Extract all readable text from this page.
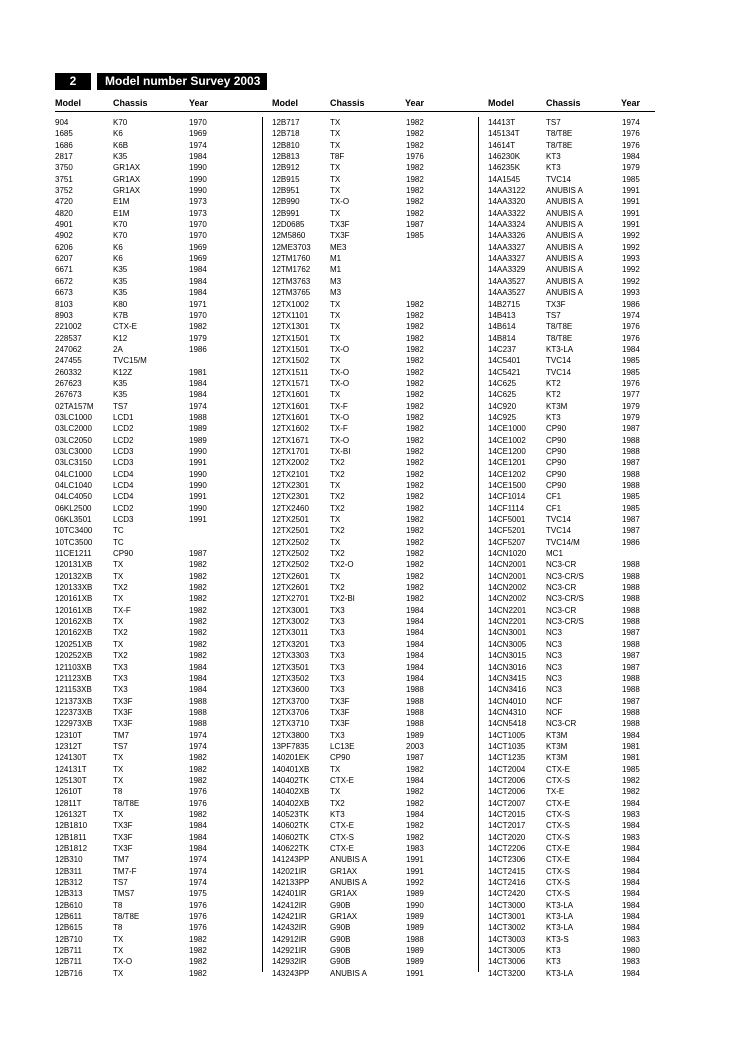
2	Model number Survey 2003
Model	Chassis	Year	Model	Chassis	Year	Model	Chassis	Year
904	K70	1970
1685	K6	1969
1686	K6B	1974
2817	K35	1984
3750	GR1AX	1990
3751	GR1AX	1990
3752	GR1AX	1990
4720	E1M	1973
4820	E1M	1973
4901	K70	1970
4902	K70	1970
6206	K6	1969
6207	K6	1969
6671	K35	1984
6672	K35	1984
6673	K35	1984
8103	K80	1971
8903	K7B	1970
221002	CTX-E	1982
228537	K12	1979
247062	2A	1986
247455	TVC15/M
260332	K12Z	1981
267623	K35	1984
267673	K35	1984
02TA157M TS7	1974
03LC1000	LCD1	1988
03LC2000	LCD2	1989
03LC2050	LCD2	1989
03LC3000	LCD3	1990
03LC3150	LCD3	1991
04LC1000	LCD4	1990
04LC1040	LCD4	1990
04LC4050	LCD4	1991
06KL2500	LCD2	1990
06KL3501	LCD3	1991
10TC3400	TC
10TC3500	TC
11CE1211	CP90	1987
120131XB	TX	1982
120132XB	TX	1982
120133XB	TX2	1982
120161XB	TX	1982
120161XB	TX-F	1982
120162XB	TX	1982
120162XB	TX2	1982
120251XB	TX	1982
120252XB	TX2	1982
121103XB	TX3	1984
121123XB	TX3	1984
121153XB	TX3	1984
121373XB	TX3F	1988
122373XB	TX3F	1988
122973XB	TX3F	1988
12310T	TM7	1974
12312T	TS7	1974
124130T	TX	1982
124131T	TX	1982
125130T	TX	1982
12610T	T8	1976
12811T	T8/T8E	1976
126132T	TX	1982
12B1810	TX3F	1984
12B1811	TX3F	1984
12B1812	TX3F	1984
12B310	TM7	1974
12B311	TM7-F	1974
12B312	TS7	1974
12B313	TMS7	1975
12B610	T8	1976
12B611	T8/T8E	1976
12B615	T8	1976
12B710	TX	1982
12B711	TX	1982
12B711	TX-O	1982
12B716	TX	1982
12B717	TX	1982
12B718	TX	1982
12B810	TX	1982
12B813	T8F	1976
12B912	TX	1982
12B915	TX	1982
12B951	TX	1982
12B990	TX-O	1982
12B991	TX	1982
12D0685	TX3F	1987
12M5860	TX3F	1985
12ME3703 ME3
12TM1760 M1
12TM1762 M1
12TM3763 M3
12TM3765 M3
12TX1002	TX	1982
12TX1101	TX	1982
12TX1301	TX	1982
12TX1501	TX	1982
12TX1501	TX-O	1982
12TX1502	TX	1982
12TX1511	TX-O	1982
12TX1571	TX-O	1982
12TX1601	TX	1982
12TX1601	TX-F	1982
12TX1601	TX-O	1982
12TX1602	TX-F	1982
12TX1671	TX-O	1982
12TX1701	TX-BI	1982
12TX2002	TX2	1982
12TX2101	TX2	1982
12TX2301	TX	1982
12TX2301	TX2	1982
12TX2460	TX2	1982
12TX2501	TX	1982
12TX2501	TX2	1982
12TX2502	TX	1982
12TX2502	TX2	1982
12TX2502	TX2-O	1982
12TX2601	TX	1982
12TX2601	TX2	1982
12TX2701	TX2-BI	1982
12TX3001	TX3	1984
12TX3002	TX3	1984
12TX3011	TX3	1984
12TX3201	TX3	1984
12TX3303	TX3	1984
12TX3501	TX3	1984
12TX3502	TX3	1984
12TX3600	TX3	1988
12TX3700	TX3F	1988
12TX3706	TX3F	1988
12TX3710	TX3F	1988
12TX3800	TX3	1989
13PF7835	LC13E	2003
140201EK	CP90	1987
140401XB	TX	1982
140402TK	CTX-E	1984
140402XB	TX	1982
140402XB	TX2	1982
140523TK	KT3	1984
140602TK	CTX-E	1982
140602TK	CTX-S	1982
140622TK	CTX-E	1983
141243PP	ANUBIS A	1991
142021IR	GR1AX	1991
142133PP	ANUBIS A	1992
142401IR	GR1AX	1989
142412IR	G90B	1990
142421IR	GR1AX	1989
142432IR	G90B	1989
142912IR	G90B	1988
142921IR	G90B	1989
142932IR	G90B	1989
143243PP	ANUBIS A	1991
14413T	TS7	1974
145134T	T8/T8E	1976
14614T	T8/T8E	1976
146230K	KT3	1984
146235K	KT3	1979
14A1545	TVC14	1985
14AA3122	ANUBIS A	1991
14AA3320	ANUBIS A	1991
14AA3322	ANUBIS A	1991
14AA3324	ANUBIS A	1991
14AA3326	ANUBIS A	1992
14AA3327	ANUBIS A	1992
14AA3327	ANUBIS A	1993
14AA3329	ANUBIS A	1992
14AA3527	ANUBIS A	1992
14AA3527	ANUBIS A	1993
14B2715	TX3F	1986
14B413	TS7	1974
14B614	T8/T8E	1976
14B814	T8/T8E	1976
14C237	KT3-LA	1984
14C5401	TVC14	1985
14C5421	TVC14	1985
14C625	KT2	1976
14C625	KT2	1977
14C920	KT3M	1979
14C925	KT3	1979
14CE1000	CP90	1987
14CE1002	CP90	1988
14CE1200	CP90	1988
14CE1201	CP90	1987
14CE1202	CP90	1988
14CE1500	CP90	1988
14CF1014	CF1	1985
14CF1114	CF1	1985
14CF5001	TVC14	1987
14CF5201	TVC14	1987
14CF5207	TVC14/M	1986
14CN1020 MC1
14CN2001 NC3-CR	1988
14CN2001 NC3-CR/S	1988
14CN2002 NC3-CR	1988
14CN2002 NC3-CR/S	1988
14CN2201 NC3-CR	1988
14CN2201 NC3-CR/S	1988
14CN3001 NC3	1987
14CN3005 NC3	1988
14CN3015 NC3	1987
14CN3016 NC3	1987
14CN3415 NC3	1988
14CN3416 NC3	1988
14CN4010 NCF	1987
14CN4310 NCF	1988
14CN5418 NC3-CR	1988
14CT1005	KT3M	1984
14CT1035	KT3M	1981
14CT1235	KT3M	1981
14CT2004	CTX-E	1985
14CT2006	CTX-S	1982
14CT2006	TX-E	1982
14CT2007	CTX-E	1984
14CT2015	CTX-S	1983
14CT2017	CTX-S	1984
14CT2020	CTX-S	1983
14CT2206	CTX-E	1984
14CT2306	CTX-E	1984
14CT2415	CTX-S	1984
14CT2416	CTX-S	1984
14CT2420	CTX-S	1984
14CT3000	KT3-LA	1984
14CT3001	KT3-LA	1984
14CT3002	KT3-LA	1984
14CT3003	KT3-S	1983
14CT3005	KT3	1980
14CT3006	KT3	1983
14CT3200	KT3-LA	1984
